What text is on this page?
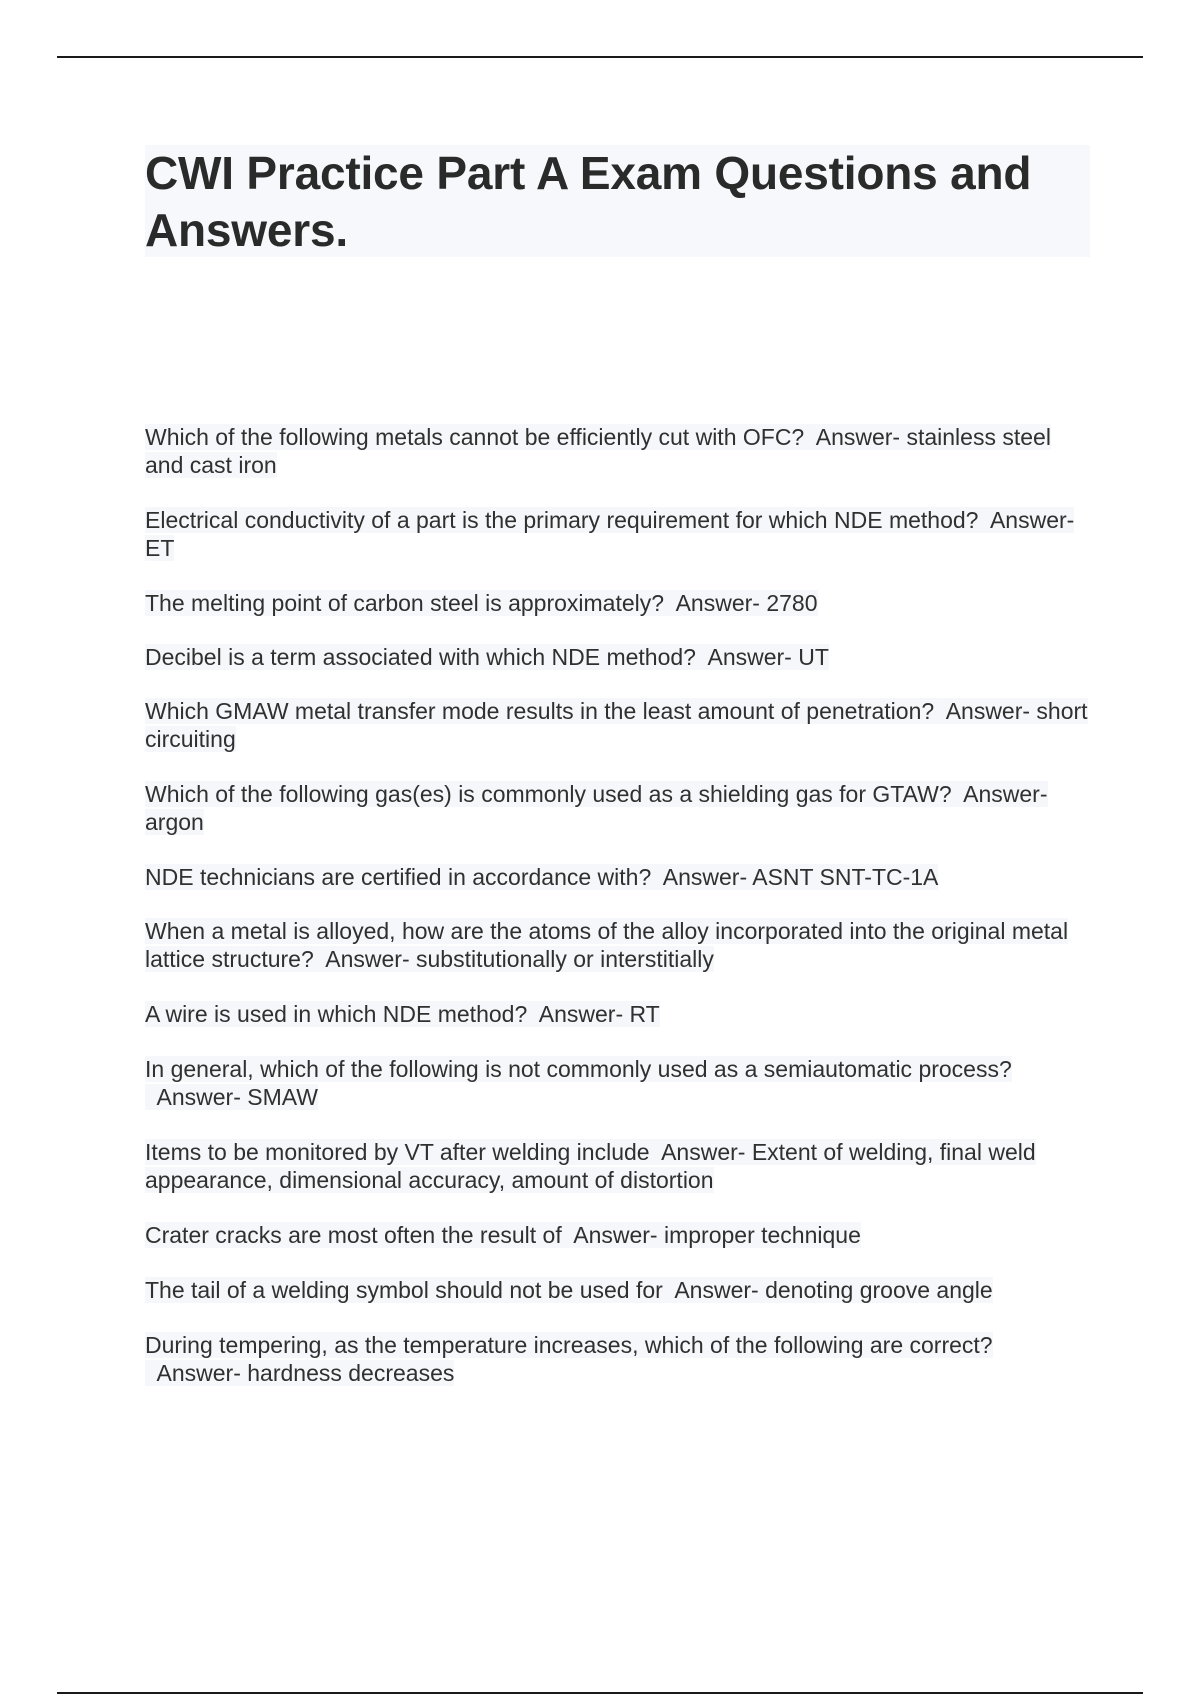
CWI Practice Part A Exam Questions and Answers.

Which of the following metals cannot be efficiently cut with OFC? Answer- stainless steel and cast iron

Electrical conductivity of a part is the primary requirement for which NDE method? Answer- ET

The melting point of carbon steel is approximately? Answer- 2780

Decibel is a term associated with which NDE method? Answer- UT

Which GMAW metal transfer mode results in the least amount of penetration? Answer- short circuiting

Which of the following gas(es) is commonly used as a shielding gas for GTAW? Answer- argon

NDE technicians are certified in accordance with? Answer- ASNT SNT-TC-1A

When a metal is alloyed, how are the atoms of the alloy incorporated into the original metal lattice structure? Answer- substitutionally or interstitially

A wire is used in which NDE method? Answer- RT

In general, which of the following is not commonly used as a semiautomatic process?  Answer- SMAW

Items to be monitored by VT after welding include Answer- Extent of welding, final weld appearance, dimensional accuracy, amount of distortion

Crater cracks are most often the result of Answer- improper technique

The tail of a welding symbol should not be used for Answer- denoting groove angle

During tempering, as the temperature increases, which of the following are correct?  Answer- hardness decreases
